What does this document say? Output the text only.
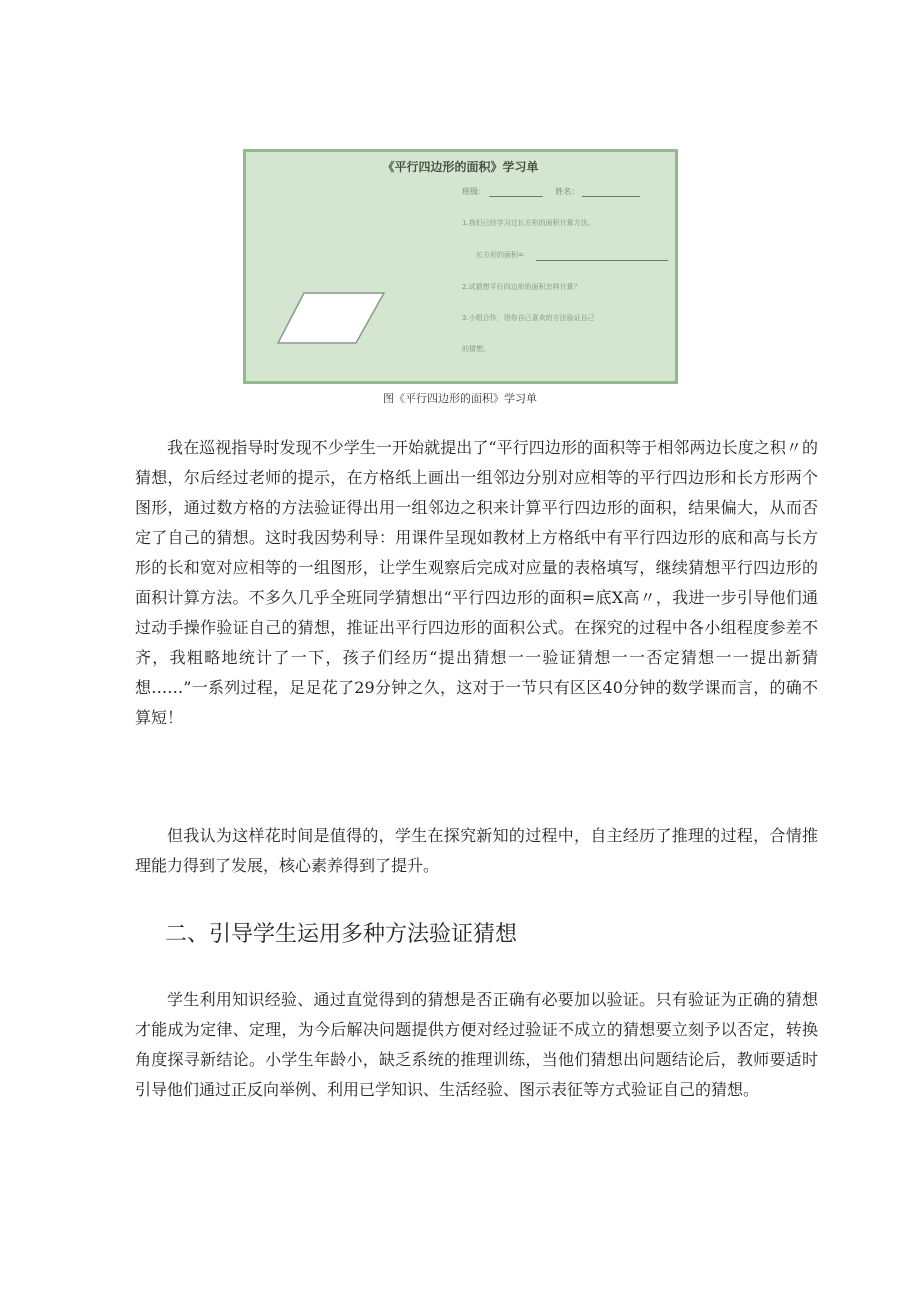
《平行四边形的面积》学习单
班级：	姓名：
1.我们已经学习过长方形的面积计算方法。
长方形的面积=
2.试猜想平行四边形的面积怎样计算？
3.小组合作，用你自己喜欢的方法验证自己
的猜想。
图《平行四边形的面积》学习单

我在巡视指导时发现不少学生一开始就提出了“平行四边形的面积等于相邻两边长度之积〃的猜想，尔后经过老师的提示，在方格纸上画出一组邻边分别对应相等的平行四边形和长方形两个图形，通过数方格的方法验证得出用一组邻边之积来计算平行四边形的面积，结果偏大，从而否定了自己的猜想。这时我因势利导：用课件呈现如教材上方格纸中有平行四边形的底和高与长方形的长和宽对应相等的一组图形，让学生观察后完成对应量的表格填写，继续猜想平行四边形的面积计算方法。不多久几乎全班同学猜想出“平行四边形的面积=底X高〃，我进一步引导他们通过动手操作验证自己的猜想，推证出平行四边形的面积公式。在探究的过程中各小组程度参差不齐，我粗略地统计了一下，孩子们经历“提出猜想一一验证猜想一一否定猜想一一提出新猜想……”一系列过程，足足花了29分钟之久，这对于一节只有区区40分钟的数学课而言，的确不算短！

但我认为这样花时间是值得的，学生在探究新知的过程中，自主经历了推理的过程，合情推理能力得到了发展，核心素养得到了提升。

二、引导学生运用多种方法验证猜想

学生利用知识经验、通过直觉得到的猜想是否正确有必要加以验证。只有验证为正确的猜想才能成为定律、定理，为今后解决问题提供方便对经过验证不成立的猜想要立刻予以否定，转换角度探寻新结论。小学生年龄小，缺乏系统的推理训练，当他们猜想出问题结论后，教师要适时引导他们通过正反向举例、利用已学知识、生活经验、图示表征等方式验证自己的猜想。
